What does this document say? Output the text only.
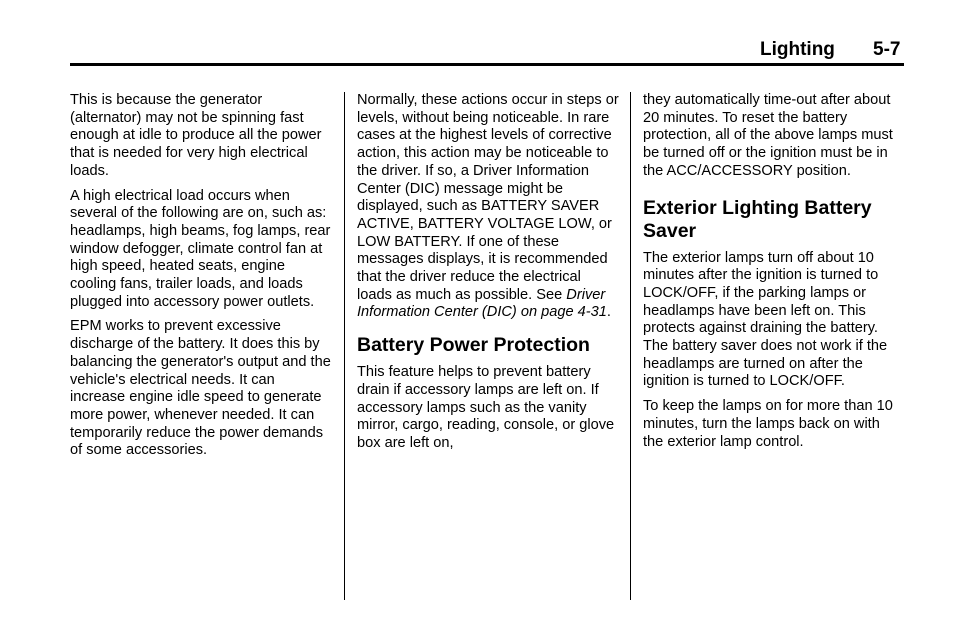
Lighting 5-7

This is because the generator (alternator) may not be spinning fast enough at idle to produce all the power that is needed for very high electrical loads.

A high electrical load occurs when several of the following are on, such as: headlamps, high beams, fog lamps, rear window defogger, climate control fan at high speed, heated seats, engine cooling fans, trailer loads, and loads plugged into accessory power outlets.

EPM works to prevent excessive discharge of the battery. It does this by balancing the generator's output and the vehicle's electrical needs. It can increase engine idle speed to generate more power, whenever needed. It can temporarily reduce the power demands of some accessories.

Normally, these actions occur in steps or levels, without being noticeable. In rare cases at the highest levels of corrective action, this action may be noticeable to the driver. If so, a Driver Information Center (DIC) message might be displayed, such as BATTERY SAVER ACTIVE, BATTERY VOLTAGE LOW, or LOW BATTERY. If one of these messages displays, it is recommended that the driver reduce the electrical loads as much as possible. See Driver Information Center (DIC) on page 4-31.

Battery Power Protection

This feature helps to prevent battery drain if accessory lamps are left on. If accessory lamps such as the vanity mirror, cargo, reading, console, or glove box are left on,

they automatically time-out after about 20 minutes. To reset the battery protection, all of the above lamps must be turned off or the ignition must be in the ACC/ACCESSORY position.

Exterior Lighting Battery Saver

The exterior lamps turn off about 10 minutes after the ignition is turned to LOCK/OFF, if the parking lamps or headlamps have been left on. This protects against draining the battery. The battery saver does not work if the headlamps are turned on after the ignition is turned to LOCK/OFF.

To keep the lamps on for more than 10 minutes, turn the lamps back on with the exterior lamp control.
